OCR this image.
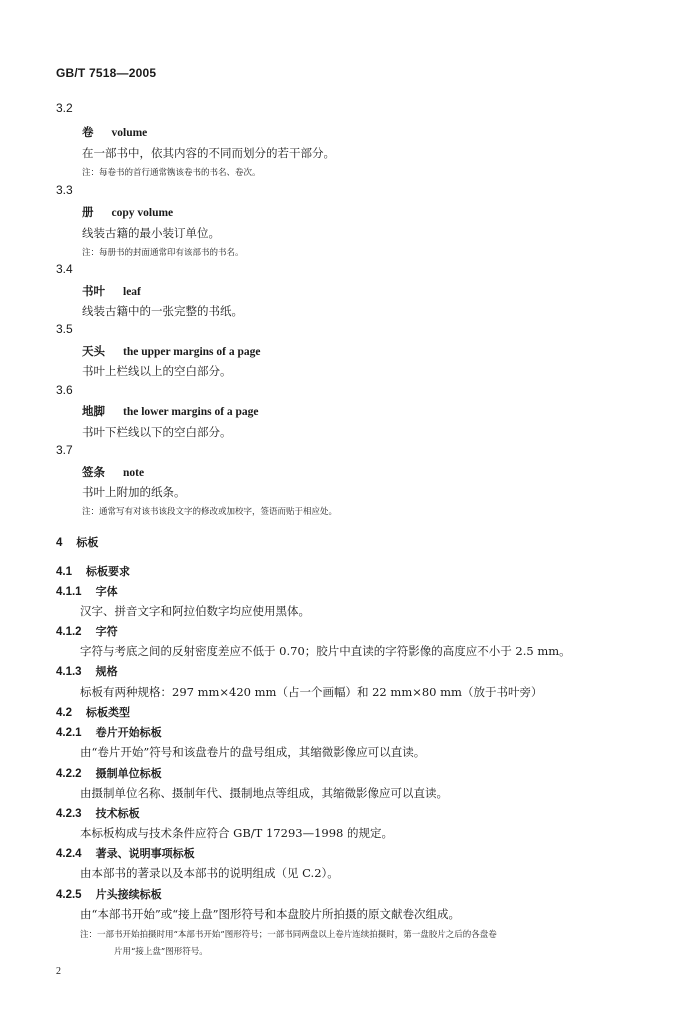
GB/T 7518—2005
3.2
卷 volume
在一部书中，依其内容的不同而划分的若干部分。
注：每卷书的首行通常镌该卷书的书名、卷次。
3.3
册 copy volume
线装古籍的最小装订单位。
注：每册书的封面通常印有该部书的书名。
3.4
书叶 leaf
线装古籍中的一张完整的书纸。
3.5
天头 the upper margins of a page
书叶上栏线以上的空白部分。
3.6
地脚 the lower margins of a page
书叶下栏线以下的空白部分。
3.7
签条 note
书叶上附加的纸条。
注：通常写有对该书该段文字的修改或加校字，签语而贴于相应处。
4 标板
4.1 标板要求
4.1.1 字体
汉字、拼音文字和阿拉伯数字均应使用黑体。
4.1.2 字符
字符与考底之间的反射密度差应不低于 0.70；胶片中直读的字符影像的高度应不小于 2.5 mm。
4.1.3 规格
标板有两种规格：297 mm×420 mm（占一个画幅）和 22 mm×80 mm（放于书叶旁）
4.2 标板类型
4.2.1 卷片开始标板
由“卷片开始”符号和该盘卷片的盘号组成，其缩微影像应可以直读。
4.2.2 摄制单位标板
由摄制单位名称、摄制年代、摄制地点等组成，其缩微影像应可以直读。
4.2.3 技术标板
本标板构成与技术条件应符合 GB/T 17293—1998 的规定。
4.2.4 著录、说明事项标板
由本部书的著录以及本部书的说明组成（见 C.2）。
4.2.5 片头接续标板
由“本部书开始”或“接上盘”图形符号和本盘胶片所拍摄的原文献卷次组成。
注：一部书开始拍摄时用“本部书开始”图形符号；一部书同两盘以上卷片连续拍摄时，第一盘胶片之后的各盘卷
片用“接上盘”图形符号。
2
